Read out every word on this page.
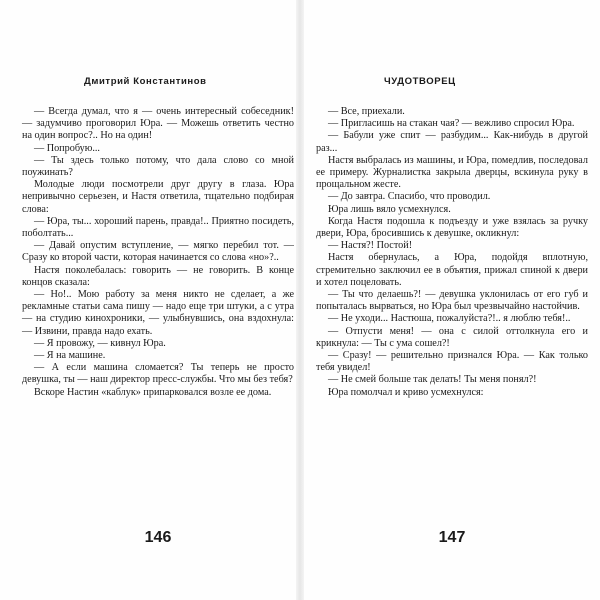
Дмитрий Константинов

— Всегда думал, что я — очень интересный собеседник! — задумчиво проговорил Юра. — Можешь ответить честно на один вопрос?.. Но на один!

— Попробую...

— Ты здесь только потому, что дала слово со мной поужинать?

Молодые люди посмотрели друг другу в глаза. Юра непривычно серьезен, и Настя ответила, тщательно подбирая слова:

— Юра, ты... хороший парень, правда!.. Приятно посидеть, поболтать...

— Давай опустим вступление, — мягко перебил тот. — Сразу ко второй части, которая начинается со слова «но»?..

Настя поколебалась: говорить — не говорить. В конце концов сказала:

— Но!.. Мою работу за меня никто не сделает, а же рекламные статьи сама пишу — надо еще три штуки, а с утра — на студию кинохроники, — улыбнувшись, она вздохнула: — Извини, правда надо ехать.

— Я провожу, — кивнул Юра.

— Я на машине.

— А если машина сломается? Ты теперь не просто девушка, ты — наш директор пресс-службы. Что мы без тебя?

Вскоре Настин «каблук» припарковался возле ее дома.

146
ЧУДОТВОРЕЦ

— Все, приехали.

— Пригласишь на стакан чая? — вежливо спросил Юра.

— Бабули уже спит — разбудим... Как-нибудь в другой раз...

Настя выбралась из машины, и Юра, помедлив, последовал ее примеру. Журналистка закрыла дверцы, вскинула руку в прощальном жесте.

— До завтра. Спасибо, что проводил.

Юра лишь вяло усмехнулся.

Когда Настя подошла к подъезду и уже взялась за ручку двери, Юра, бросившись к девушке, окликнул:

— Настя?! Постой!

Настя обернулась, а Юра, подойдя вплотную, стремительно заключил ее в объятия, прижал спиной к двери и хотел поцеловать.

— Ты что делаешь?! — девушка уклонилась от его губ и попыталась вырваться, но Юра был чрезвычайно настойчив.

— Не уходи... Настюша, пожалуйста?!.. я люблю тебя!..

— Отпусти меня! — она с силой оттолкнула его и крикнула: — Ты с ума сошел?!

— Сразу! — решительно признался Юра. — Как только тебя увидел!

— Не смей больше так делать! Ты меня понял?!

Юра помолчал и криво усмехнулся:

147
